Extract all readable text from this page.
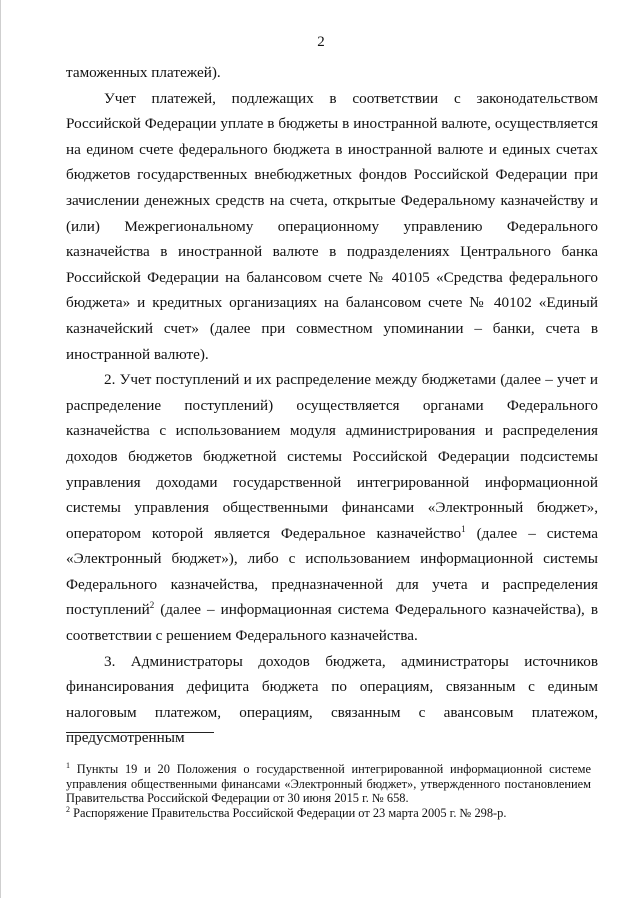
2

таможенных платежей).

Учет платежей, подлежащих в соответствии с законодательством Российской Федерации уплате в бюджеты в иностранной валюте, осуществляется на едином счете федерального бюджета в иностранной валюте и единых счетах бюджетов государственных внебюджетных фондов Российской Федерации при зачислении денежных средств на счета, открытые Федеральному казначейству и (или) Межрегиональному операционному управлению Федерального казначейства в иностранной валюте в подразделениях Центрального банка Российской Федерации на балансовом счете № 40105 «Средства федерального бюджета» и кредитных организациях на балансовом счете № 40102 «Единый казначейский счет» (далее при совместном упоминании – банки, счета в иностранной валюте).

2. Учет поступлений и их распределение между бюджетами (далее – учет и распределение поступлений) осуществляется органами Федерального казначейства с использованием модуля администрирования и распределения доходов бюджетов бюджетной системы Российской Федерации подсистемы управления доходами государственной интегрированной информационной системы управления общественными финансами «Электронный бюджет», оператором которой является Федеральное казначейство$^1$ (далее – система «Электронный бюджет»), либо с использованием информационной системы Федерального казначейства, предназначенной для учета и распределения поступлений$^2$ (далее – информационная система Федерального казначейства), в соответствии с решением Федерального казначейства.

3. Администраторы доходов бюджета, администраторы источников финансирования дефицита бюджета по операциям, связанным с единым налоговым платежом, операциям, связанным с авансовым платежом, предусмотренным

$^1$ Пункты 19 и 20 Положения о государственной интегрированной информационной системе управления общественными финансами «Электронный бюджет», утвержденного постановлением Правительства Российской Федерации от 30 июня 2015 г. № 658.

$^2$ Распоряжение Правительства Российской Федерации от 23 марта 2005 г. № 298-р.
